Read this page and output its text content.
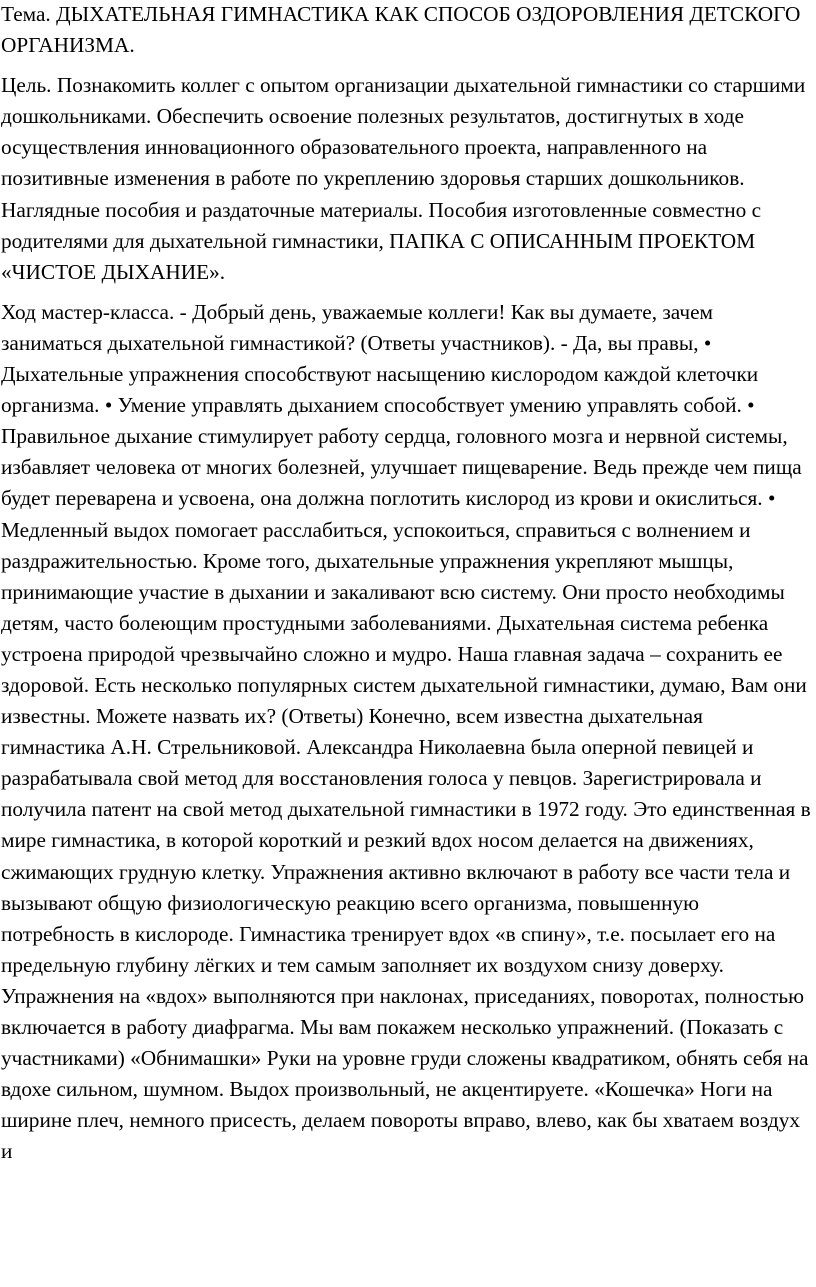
Тема. ДЫХАТЕЛЬНАЯ ГИМНАСТИКА КАК СПОСОБ ОЗДОРОВЛЕНИЯ ДЕТСКОГО ОРГАНИЗМА.

Цель. Познакомить коллег с опытом организации дыхательной гимнастики со старшими дошкольниками. Обеспечить освоение полезных результатов, достигнутых в ходе осуществления инновационного образовательного проекта, направленного на позитивные изменения в работе по укреплению здоровья старших дошкольников. Наглядные пособия и раздаточные материалы. Пособия изготовленные совместно с родителями для дыхательной гимнастики, ПАПКА С ОПИСАННЫМ ПРОЕКТОМ «ЧИСТОЕ ДЫХАНИЕ».

Ход мастер-класса. - Добрый день, уважаемые коллеги! Как вы думаете, зачем заниматься дыхательной гимнастикой? (Ответы участников). - Да, вы правы, • Дыхательные упражнения способствуют насыщению кислородом каждой клеточки организма. • Умение управлять дыханием способствует умению управлять собой. • Правильное дыхание стимулирует работу сердца, головного мозга и нервной системы, избавляет человека от многих болезней, улучшает пищеварение. Ведь прежде чем пища будет переварена и усвоена, она должна поглотить кислород из крови и окислиться. • Медленный выдох помогает расслабиться, успокоиться, справиться с волнением и раздражительностью. Кроме того, дыхательные упражнения укрепляют мышцы, принимающие участие в дыхании и закаливают всю систему. Они просто необходимы детям, часто болеющим простудными заболеваниями. Дыхательная система ребенка устроена природой чрезвычайно сложно и мудро. Наша главная задача – сохранить ее здоровой. Есть несколько популярных систем дыхательной гимнастики, думаю, Вам они известны. Можете назвать их? (Ответы) Конечно, всем известна дыхательная гимнастика А.Н. Стрельниковой. Александра Николаевна была оперной певицей и разрабатывала свой метод для восстановления голоса у певцов. Зарегистрировала и получила патент на свой метод дыхательной гимнастики в 1972 году. Это единственная в мире гимнастика, в которой короткий и резкий вдох носом делается на движениях, сжимающих грудную клетку. Упражнения активно включают в работу все части тела и вызывают общую физиологическую реакцию всего организма, повышенную потребность в кислороде. Гимнастика тренирует вдох «в спину», т.е. посылает его на предельную глубину лёгких и тем самым заполняет их воздухом снизу доверху. Упражнения на «вдох» выполняются при наклонах, приседаниях, поворотах, полностью включается в работу диафрагма. Мы вам покажем несколько упражнений. (Показать с участниками) «Обнимашки» Руки на уровне груди сложены квадратиком, обнять себя на вдохе сильном, шумном. Выдох произвольный, не акцентируете. «Кошечка» Ноги на ширине плеч, немного присесть, делаем повороты вправо, влево, как бы хватаем воздух и
